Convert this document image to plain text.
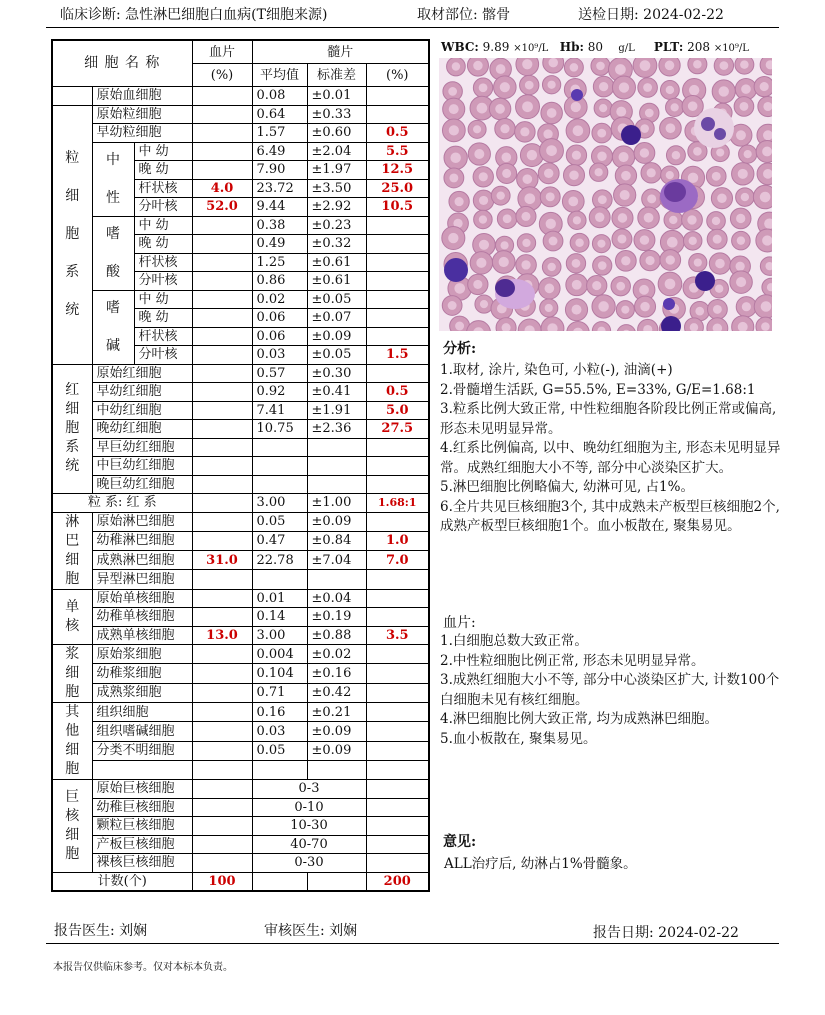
临床诊断: 急性淋巴细胞白血病(T细胞来源)	取材部位: 髂骨	送检日期: 2024-02-22
细 胞 名 称			血片	髓片		
			(%)	平均值	标准差	(%)
	原始血细胞			0.08	±0.01	
粒

细

胞

系

统	原始粒细胞			0.64	±0.33	
	早幼粒细胞			1.57	±0.60	0.5
	中

性	中 幼		6.49	±2.04	5.5
		晚 幼		7.90	±1.97	12.5
		杆状核	4.0	23.72	±3.50	25.0
		分叶核	52.0	9.44	±2.92	10.5
	嗜

酸	中 幼		0.38	±0.23	
		晚 幼		0.49	±0.32	
		杆状核		1.25	±0.61	
		分叶核		0.86	±0.61	
	嗜

碱	中 幼		0.02	±0.05	
		晚 幼		0.06	±0.07	
		杆状核		0.06	±0.09	
		分叶核		0.03	±0.05	1.5
红
细
胞
系
统	原始红细胞			0.57	±0.30	
	早幼红细胞			0.92	±0.41	0.5
	中幼红细胞			7.41	±1.91	5.0
	晚幼红细胞			10.75	±2.36	27.5
	早巨幼红细胞					
	中巨幼红细胞					
	晚巨幼红细胞					
粒 系: 红 系				3.00	±1.00	1.68:1
淋
巴
细
胞	原始淋巴细胞			0.05	±0.09	
	幼稚淋巴细胞			0.47	±0.84	1.0
	成熟淋巴细胞		31.0	22.78	±7.04	7.0
	异型淋巴细胞					
单
核	原始单核细胞			0.01	±0.04	
	幼稚单核细胞			0.14	±0.19	
	成熟单核细胞		13.0	3.00	±0.88	3.5
浆
细
胞	原始浆细胞			0.004	±0.02	
	幼稚浆细胞			0.104	±0.16	
	成熟浆细胞			0.71	±0.42	
其
他
细
胞	组织细胞			0.16	±0.21	
	组织嗜碱细胞			0.03	±0.09	
	分类不明细胞			0.05	±0.09	

巨
核
细
胞	原始巨核细胞			0-3		
	幼稚巨核细胞			0-10		
	颗粒巨核细胞			10-30		
	产板巨核细胞			40-70		
	裸核巨核细胞			0-30		
计数(个)			100			200
WBC: 9.89 ×10⁹/L Hb: 80 g/L PLT: 208 ×10⁹/L
分析:

1.取材, 涂片, 染色可, 小粒(-), 油滴(+)

2.骨髓增生活跃, G=55.5%, E=33%, G/E=1.68:1

3.粒系比例大致正常, 中性粒细胞各阶段比例正常或偏高, 形态未见明显异常。

4.红系比例偏高, 以中、晚幼红细胞为主, 形态未见明显异常。成熟红细胞大小不等, 部分中心淡染区扩大。

5.淋巴细胞比例略偏大, 幼淋可见, 占1%。

6.全片共见巨核细胞3个, 其中成熟未产板型巨核细胞2个, 成熟产板型巨核细胞1个。血小板散在, 聚集易见。

血片:

1.白细胞总数大致正常。

2.中性粒细胞比例正常, 形态未见明显异常。

3.成熟红细胞大小不等, 部分中心淡染区扩大, 计数100个白细胞未见有核红细胞。

4.淋巴细胞比例大致正常, 均为成熟淋巴细胞。

5.血小板散在, 聚集易见。

意见:
ALL治疗后, 幼淋占1%骨髓象。
报告医生: 刘娴	审核医生: 刘娴	报告日期: 2024-02-22
本报告仅供临床参考。仅对本标本负责。
